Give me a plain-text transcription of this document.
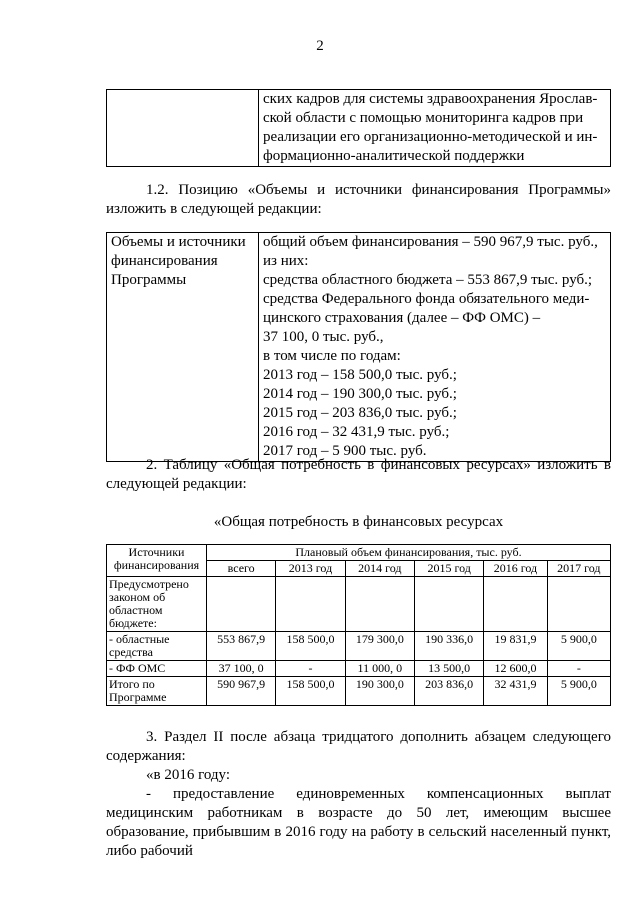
2

ских кадров для системы здравоохранения Ярослав-
ской области с помощью мониторинга кадров при
реализации его организационно-методической и ин-
формационно-аналитической поддержки
1.2. Позицию «Объемы и источники финансирования Программы» изложить в следующей редакции:
Объемы и источники финансирования Программы	
общий объем финансирования – 590 967,9 тыс. руб.,
из них:
средства областного бюджета – 553 867,9 тыс. руб.;
средства Федерального фонда обязательного меди-
цинского страхования (далее – ФФ ОМС) –
37 100, 0 тыс. руб.,
в том числе по годам:
2013 год – 158 500,0 тыс. руб.;
2014 год – 190 300,0 тыс. руб.;
2015 год – 203 836,0 тыс. руб.;
2016 год – 32 431,9 тыс. руб.;
2017 год – 5 900 тыс. руб.
2. Таблицу «Общая потребность в финансовых ресурсах» изложить в следующей редакции:
«Общая потребность в финансовых ресурсах
Источники финансирования	Плановый объем финансирования, тыс. руб.					
	всего	2013 год	2014 год	2015 год	2016 год	2017 год
Предусмотрено законом об областном бюджете:						
- областные средства	553 867,9	158 500,0	179 300,0	190 336,0	19 831,9	5 900,0
- ФФ ОМС	37 100, 0	-	11 000, 0	13 500,0	12 600,0	-
Итого по Программе	590 967,9	158 500,0	190 300,0	203 836,0	32 431,9	5 900,0
3. Раздел II после абзаца тридцатого дополнить абзацем следующего содержания:
«в 2016 году:
- предоставление единовременных компенсационных выплат медицинским работникам в возрасте до 50 лет, имеющим высшее образование, прибывшим в 2016 году на работу в сельский населенный пункт, либо рабочий
